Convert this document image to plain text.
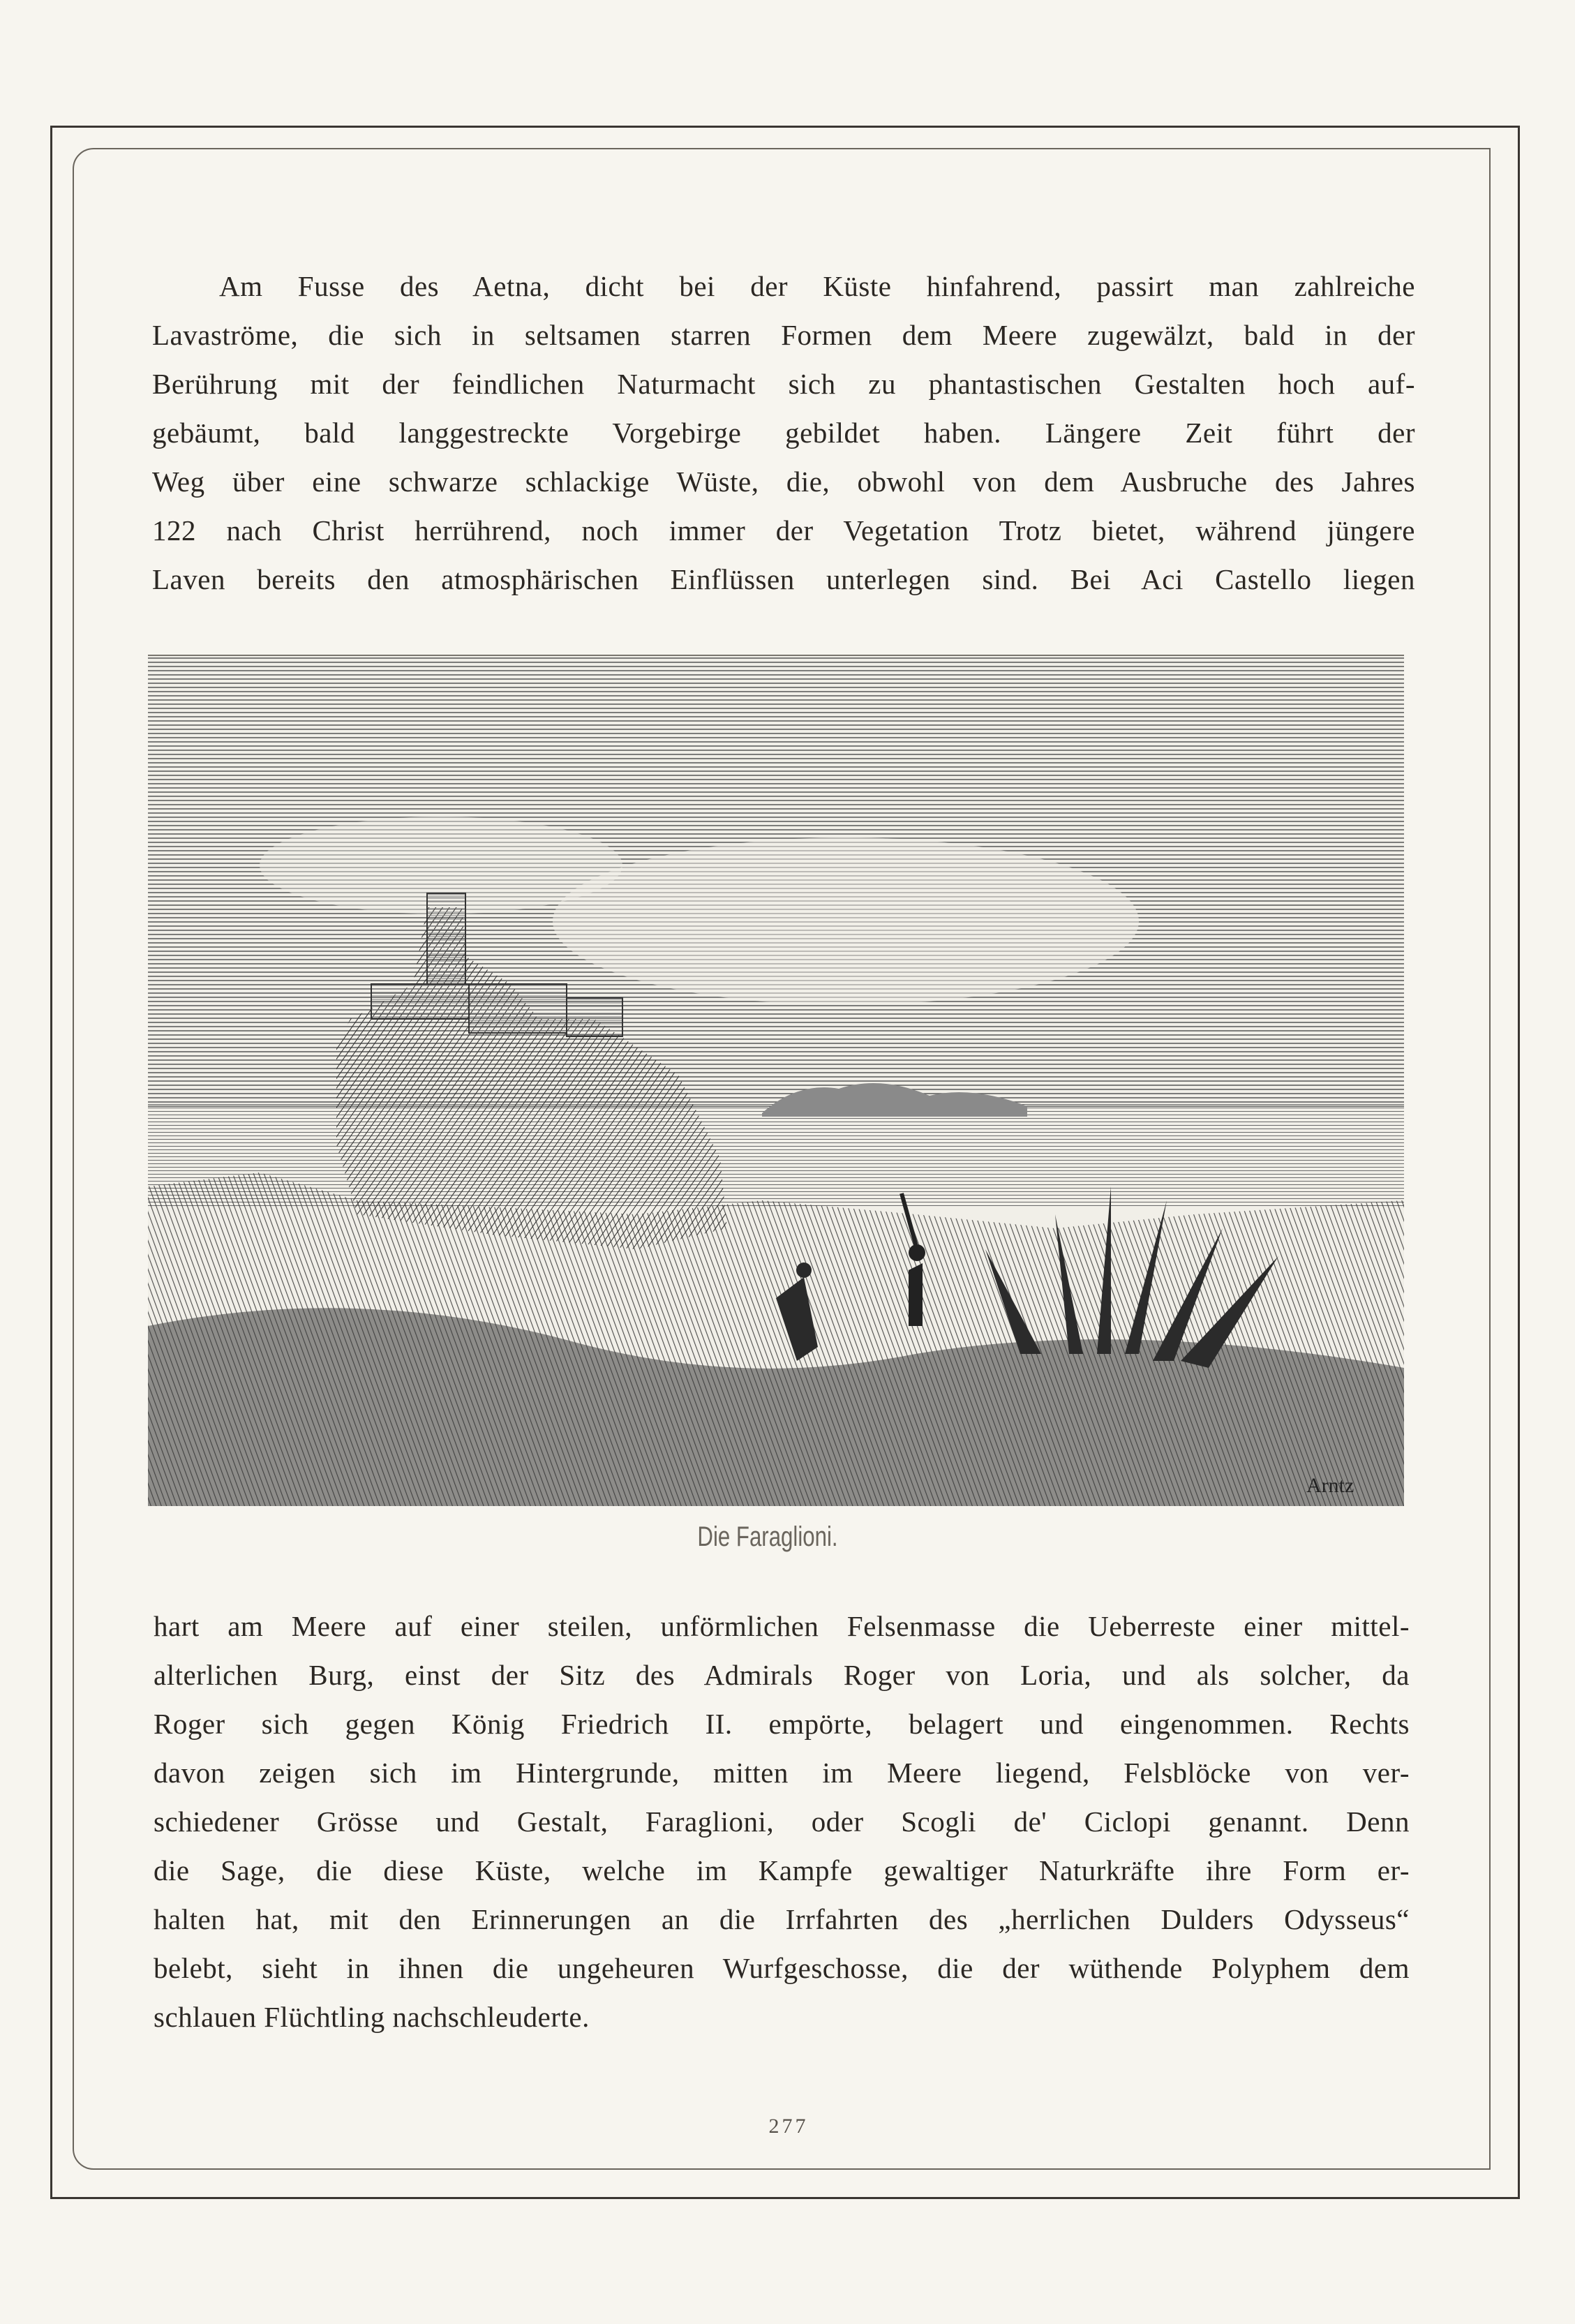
Am Fusse des Aetna, dicht bei der Küste hinfahrend, passirt man zahlreiche
Lavaströme, die sich in seltsamen starren Formen dem Meere zugewälzt, bald in der
Berührung mit der feindlichen Naturmacht sich zu phantastischen Gestalten hoch auf-
gebäumt, bald langgestreckte Vorgebirge gebildet haben. Längere Zeit führt der
Weg über eine schwarze schlackige Wüste, die, obwohl von dem Ausbruche des Jahres
122 nach Christ herrührend, noch immer der Vegetation Trotz bietet, während jüngere
Laven bereits den atmosphärischen Einflüssen unterlegen sind. Bei Aci Castello liegen
Arntz
Die Faraglioni.
hart am Meere auf einer steilen, unförmlichen Felsenmasse die Ueberreste einer mittel-
alterlichen Burg, einst der Sitz des Admirals Roger von Loria, und als solcher, da
Roger sich gegen König Friedrich II. empörte, belagert und eingenommen. Rechts
davon zeigen sich im Hintergrunde, mitten im Meere liegend, Felsblöcke von ver-
schiedener Grösse und Gestalt, Faraglioni, oder Scogli de' Ciclopi genannt. Denn
die Sage, die diese Küste, welche im Kampfe gewaltiger Naturkräfte ihre Form er-
halten hat, mit den Erinnerungen an die Irrfahrten des „herrlichen Dulders Odysseus“
belebt, sieht in ihnen die ungeheuren Wurfgeschosse, die der wüthende Polyphem dem
schlauen Flüchtling nachschleuderte.
277
